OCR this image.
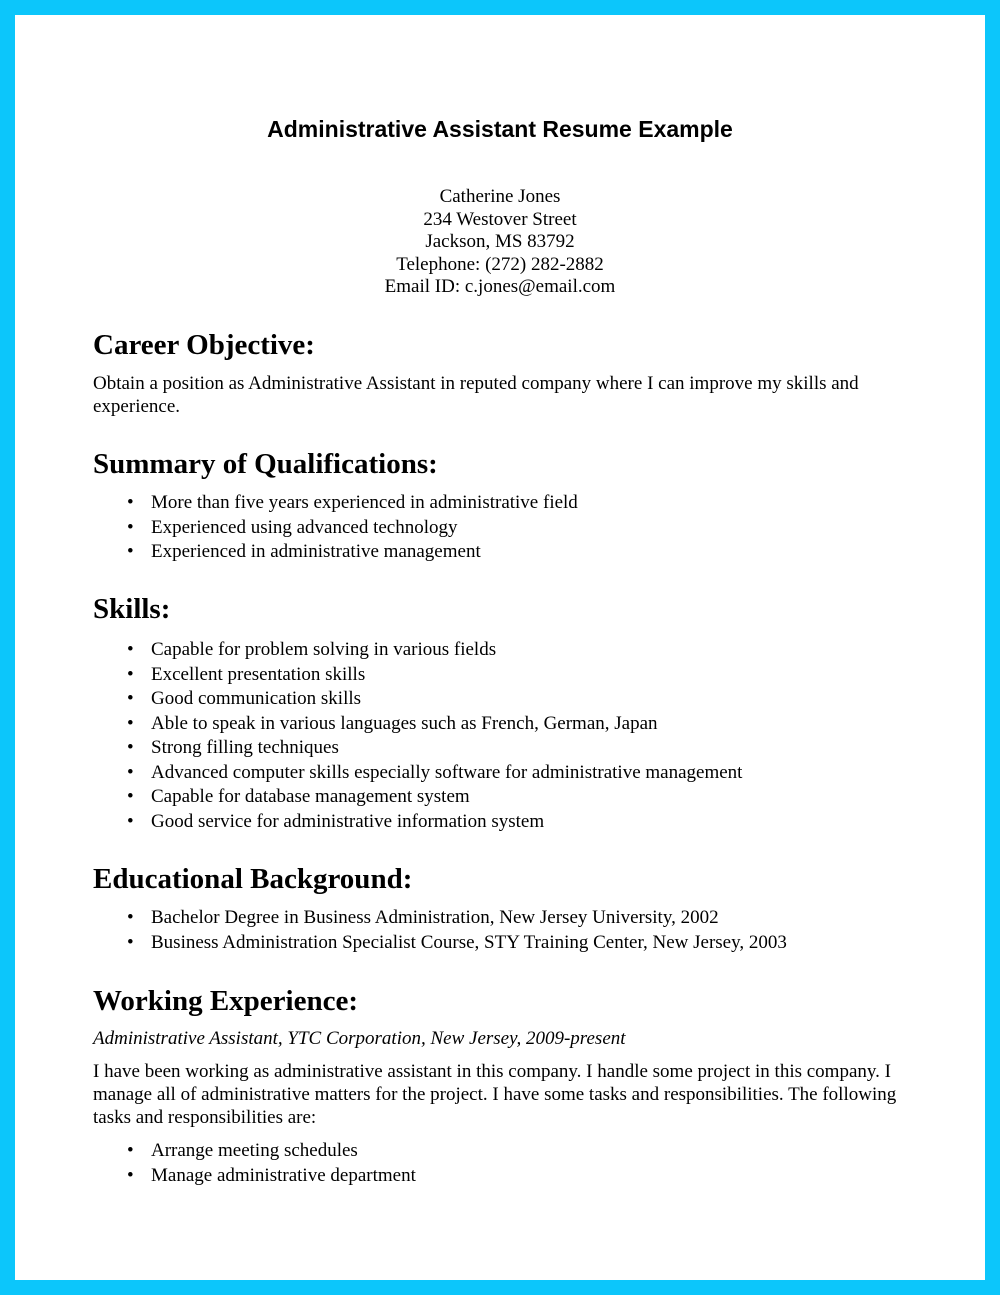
Administrative Assistant Resume Example
Catherine Jones
234 Westover Street
Jackson, MS 83792
Telephone: (272) 282-2882
Email ID: c.jones@email.com
Career Objective:

Obtain a position as Administrative Assistant in reputed company where I can improve my skills and experience.

Summary of Qualifications:
• More than five years experienced in administrative field
• Experienced using advanced technology
• Experienced in administrative management
Skills:
• Capable for problem solving in various fields
• Excellent presentation skills
• Good communication skills
• Able to speak in various languages such as French, German, Japan
• Strong filling techniques
• Advanced computer skills especially software for administrative management
• Capable for database management system
• Good service for administrative information system
Educational Background:
• Bachelor Degree in Business Administration, New Jersey University, 2002
• Business Administration Specialist Course, STY Training Center, New Jersey, 2003
Working Experience:

Administrative Assistant, YTC Corporation, New Jersey, 2009-present

I have been working as administrative assistant in this company. I handle some project in this company. I manage all of administrative matters for the project. I have some tasks and responsibilities. The following tasks and responsibilities are:

• Arrange meeting schedules
• Manage administrative department
